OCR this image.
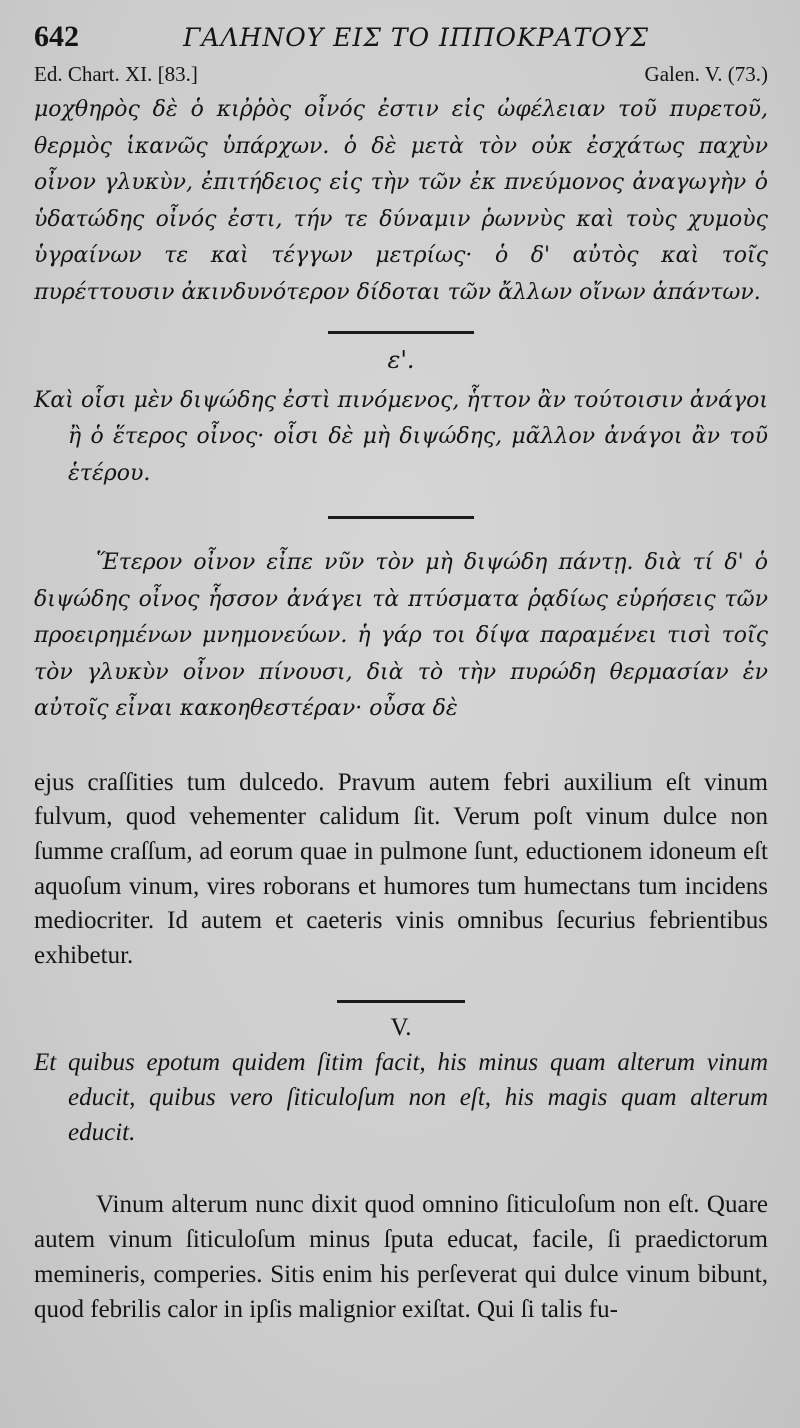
642	ΓΑΛΗΝΟΥ ΕΙΣ ΤΟ ΙΠΠΟΚΡΑΤΟΥΣ
Ed. Chart. XI. [83.]	Galen. V. (73.)

μοχθηρὸς δὲ ὁ κιῤῥὸς οἶνός ἐστιν εἰς ὠφέλειαν τοῦ πυρετοῦ, θερμὸς ἱκανῶς ὑπάρχων. ὁ δὲ μετὰ τὸν οὐκ ἐσχάτως παχὺν οἶνον γλυκὺν, ἐπιτήδειος εἰς τὴν τῶν ἐκ πνεύμονος ἀναγωγὴν ὁ ὑδατώδης οἶνός ἐστι, τήν τε δύναμιν ῥωννὺς καὶ τοὺς χυμοὺς ὑγραίνων τε καὶ τέγγων μετρίως· ὁ δ' αὐτὸς καὶ τοῖς πυρέττουσιν ἀκινδυνότερον δίδοται τῶν ἄλλων οἴνων ἁπάντων.

ε'.
Καὶ οἷσι μὲν διψώδης ἐστὶ πινόμενος, ἧττον ἂν τούτοισιν ἀνάγοι ἢ ὁ ἕτερος οἶνος· οἷσι δὲ μὴ διψώδης, μᾶλλον ἀνάγοι ἂν τοῦ ἑτέρου.
Ἕτερον οἶνον εἶπε νῦν τὸν μὴ διψώδη πάντῃ. διὰ τί δ' ὁ διψώδης οἶνος ἧσσον ἀνάγει τὰ πτύσματα ῥᾳδίως εὑρήσεις τῶν προειρημένων μνημονεύων. ἡ γάρ τοι δίψα παραμένει τισὶ τοῖς τὸν γλυκὺν οἶνον πίνουσι, διὰ τὸ τὴν πυρώδη θερμασίαν ἐν αὐτοῖς εἶναι κακοηθεστέραν· οὖσα δὲ

ejus craſſities tum dulcedo. Pravum autem febri auxilium eſt vinum fulvum, quod vehementer calidum ſit. Verum poſt vinum dulce non ſumme craſſum, ad eorum quae in pulmone ſunt, eductionem idoneum eſt aquoſum vinum, vires roborans et humores tum humectans tum incidens mediocriter. Id autem et caeteris vinis omnibus ſecurius febrientibus exhibetur.

V.
Et quibus epotum quidem ſitim facit, his minus quam alterum vinum educit, quibus vero ſiticuloſum non eſt, his magis quam alterum educit.
Vinum alterum nunc dixit quod omnino ſiticuloſum non eſt. Quare autem vinum ſiticuloſum minus ſputa educat, facile, ſi praedictorum memineris, comperies. Sitis enim his perſeverat qui dulce vinum bibunt, quod febrilis calor in ipſis malignior exiſtat. Qui ſi talis fu-
